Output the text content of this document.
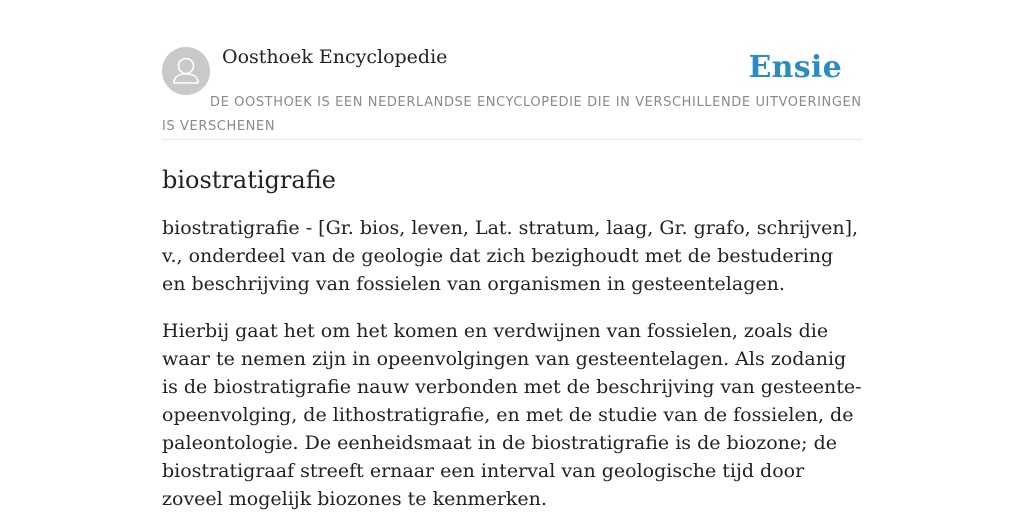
Oosthoek Encyclopedie	Ensie
DE OOSTHOEK IS EEN NEDERLANDSE ENCYCLOPEDIE DIE IN VERSCHILLENDE UITVOERINGEN IS VERSCHENEN
biostratigrafie

biostratigrafie - [Gr. bios, leven, Lat. stratum, laag, Gr. grafo, schrijven], v., onderdeel van de geologie dat zich bezighoudt met de bestudering en beschrijving van fossielen van organismen in gesteentelagen.

Hierbij gaat het om het komen en verdwijnen van fossielen, zoals die waar te nemen zijn in opeenvolgingen van gesteentelagen. Als zodanig is de biostratigrafie nauw verbonden met de beschrijving van gesteente-opeenvolging, de lithostratigrafie, en met de studie van de fossielen, de paleontologie. De eenheidsmaat in de biostratigrafie is de biozone; de biostratigraaf streeft ernaar een interval van geologische tijd door zoveel mogelijk biozones te kenmerken.
